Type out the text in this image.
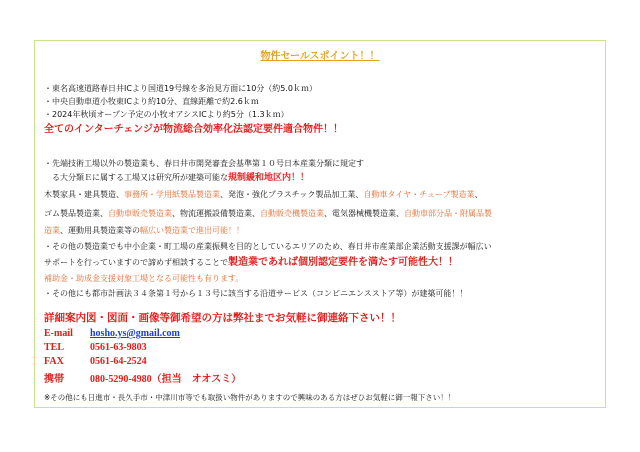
物件セールスポイント！！
・東名高速道路春日井ICより国道19号線を多治見方面に10分（約5.0ｋｍ）
・中央自動車道小牧東ICより約10分、直線距離で約2.6ｋｍ
・2024年秋頃オープン予定の小牧オアシスICより約5分（1.3ｋｍ）
全てのインターチェンジが物流総合効率化法認定要件適合物件！！
・先端技術工場以外の製造業も、春日井市開発審査会基準第１０号日本産業分類に規定す
　る大分類Ｅに属する工場又は研究所が建築可能な規制緩和地区内！！
木製家具・建具製造、事務所・学用紙製品製造業、発泡・強化プラスチック製品加工業、自動車タイヤ・チューブ製造業、
ゴム製品製造業、自動車販売製造業、物流運搬設備製造業、自動販売機製造業、電気器械機製造業、自動車部分品・附属品製
造業、運動用具製造業等の幅広い製造業で進出可能！！
・その他の製造業でも中小企業・町工場の産業振興を目的としているエリアのため、春日井市産業部企業活動支援課が幅広い
サポートを行っていますので諦めず相談することで製造業であれば個別認定要件を満たす可能性大！！
補助金・助成金支援対象工場となる可能性も有ります。
・その他にも都市計画法３４条第１号から１３号に該当する沿道サービス（コンビニエンスストア等）が建築可能！！
詳細案内図・図面・画像等御希望の方は弊社までお気軽に御連絡下さい！！
E-mail hosho.ys@gmail.com
TEL	0561-63-9803
FAX	0561-64-2524
携帯	080-5290-4980（担当　オオスミ）
※その他にも日進市・長久手市・中津川市等でも取扱い物件がありますので興味のある方はぜひお気軽に御一報下さい！！
